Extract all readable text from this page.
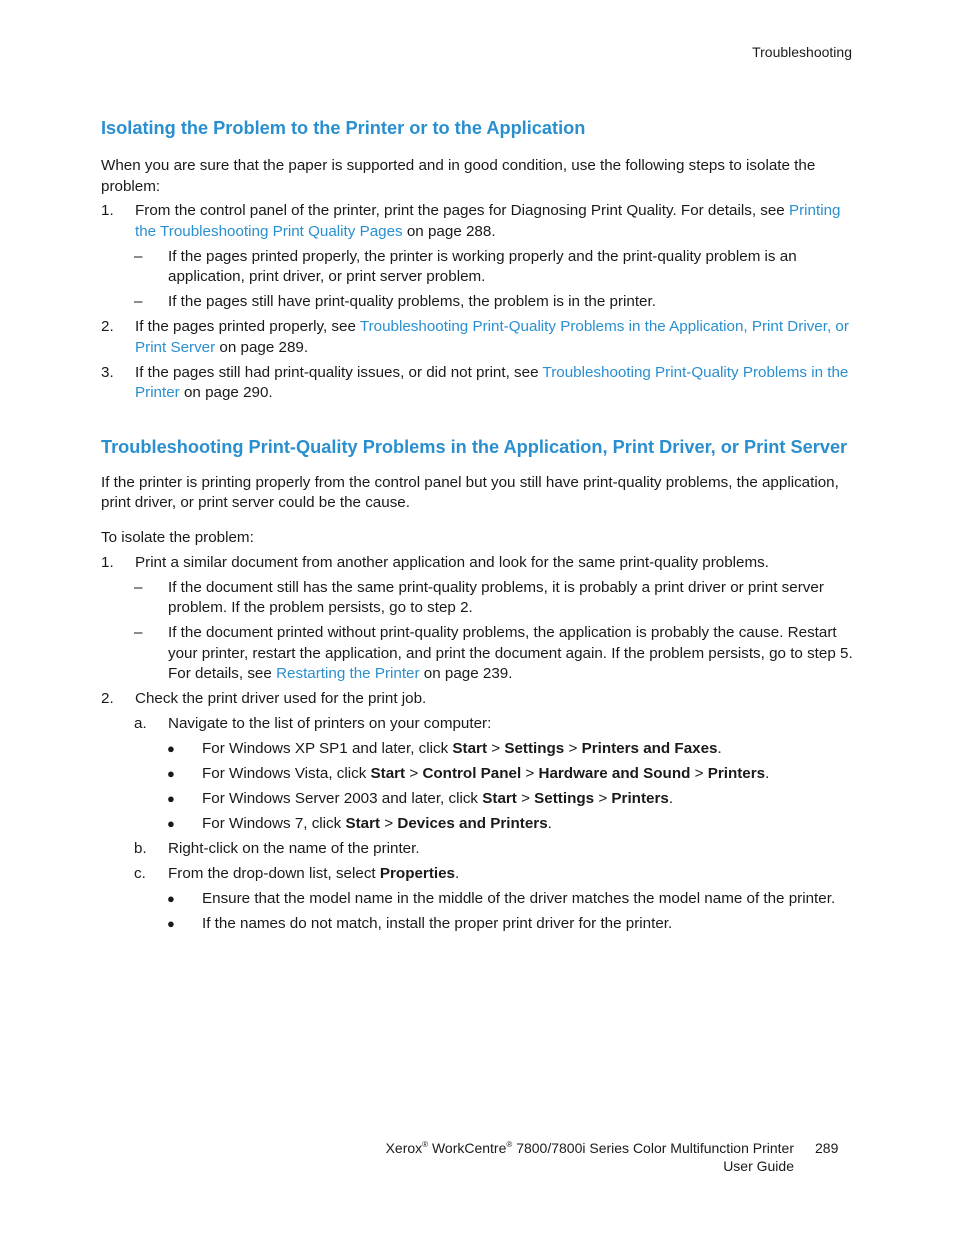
Troubleshooting
Isolating the Problem to the Printer or to the Application

When you are sure that the paper is supported and in good condition, use the following steps to isolate the problem:

1. From the control panel of the printer, print the pages for Diagnosing Print Quality. For details, see Printing the Troubleshooting Print Quality Pages on page 288.
– If the pages printed properly, the printer is working properly and the print-quality problem is an application, print driver, or print server problem.
– If the pages still have print-quality problems, the problem is in the printer.
2. If the pages printed properly, see Troubleshooting Print-Quality Problems in the Application, Print Driver, or Print Server on page 289.
3. If the pages still had print-quality issues, or did not print, see Troubleshooting Print-Quality Problems in the Printer on page 290.
Troubleshooting Print-Quality Problems in the Application, Print Driver, or Print Server

If the printer is printing properly from the control panel but you still have print-quality problems, the application, print driver, or print server could be the cause.

To isolate the problem:

1. Print a similar document from another application and look for the same print-quality problems.
– If the document still has the same print-quality problems, it is probably a print driver or print server problem. If the problem persists, go to step 2.
– If the document printed without print-quality problems, the application is probably the cause. Restart your printer, restart the application, and print the document again. If the problem persists, go to step 5. For details, see Restarting the Printer on page 239.
2. Check the print driver used for the print job.
a. Navigate to the list of printers on your computer:
● For Windows XP SP1 and later, click Start > Settings > Printers and Faxes.
● For Windows Vista, click Start > Control Panel > Hardware and Sound > Printers.
● For Windows Server 2003 and later, click Start > Settings > Printers.
● For Windows 7, click Start > Devices and Printers.
b. Right-click on the name of the printer.
c. From the drop-down list, select Properties.
● Ensure that the model name in the middle of the driver matches the model name of the printer.
● If the names do not match, install the proper print driver for the printer.
Xerox® WorkCentre® 7800/7800i Series Color Multifunction Printer
User Guide
289
